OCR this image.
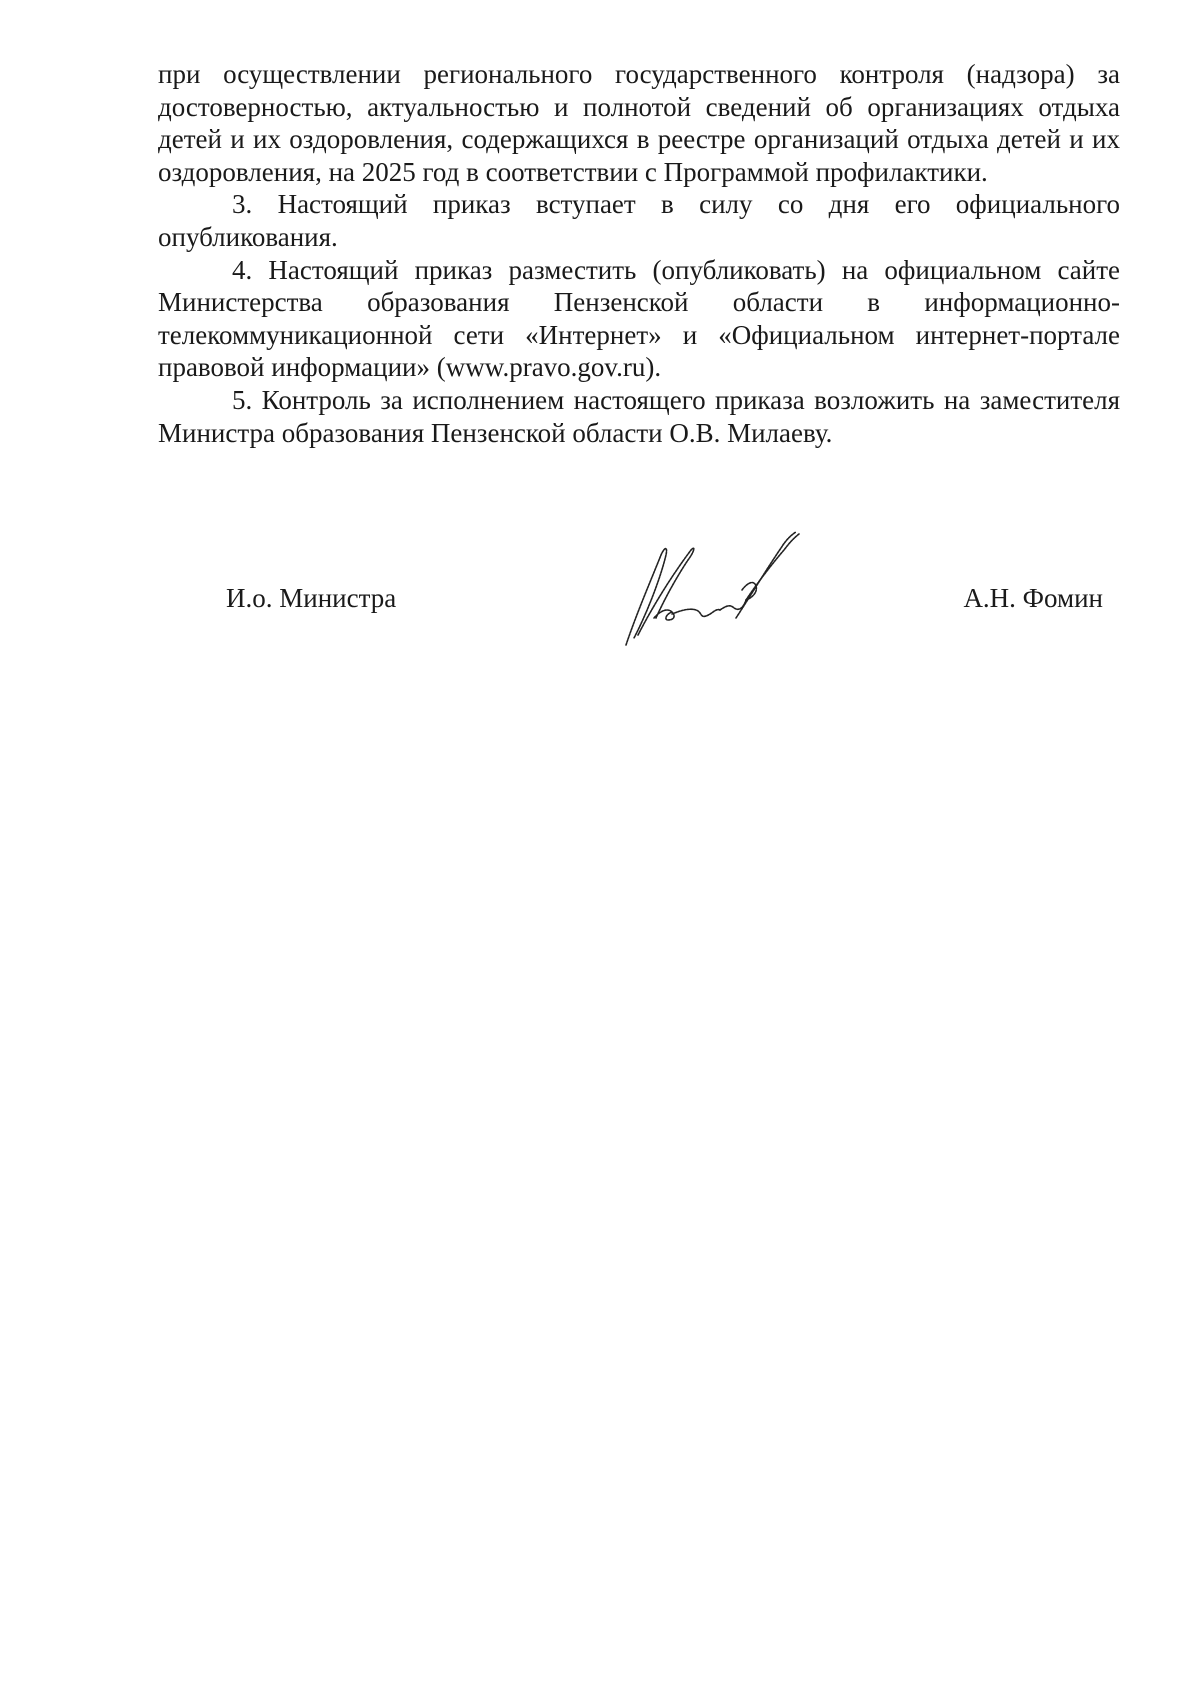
при осуществлении регионального государственного контроля (надзора) за достоверностью, актуальностью и полнотой сведений об организациях отдыха детей и их оздоровления, содержащихся в реестре организаций отдыха детей и их оздоровления, на 2025 год в соответствии с Программой профилактики.

3. Настоящий приказ вступает в силу со дня его официального опубликования.

4. Настоящий приказ разместить (опубликовать) на официальном сайте Министерства образования Пензенской области в информационно-телекоммуникационной сети «Интернет» и «Официальном интернет-портале правовой информации» (www.pravo.gov.ru).

5. Контроль за исполнением настоящего приказа возложить на заместителя Министра образования Пензенской области О.В. Милаеву.

И.о. Министра	А.Н. Фомин
